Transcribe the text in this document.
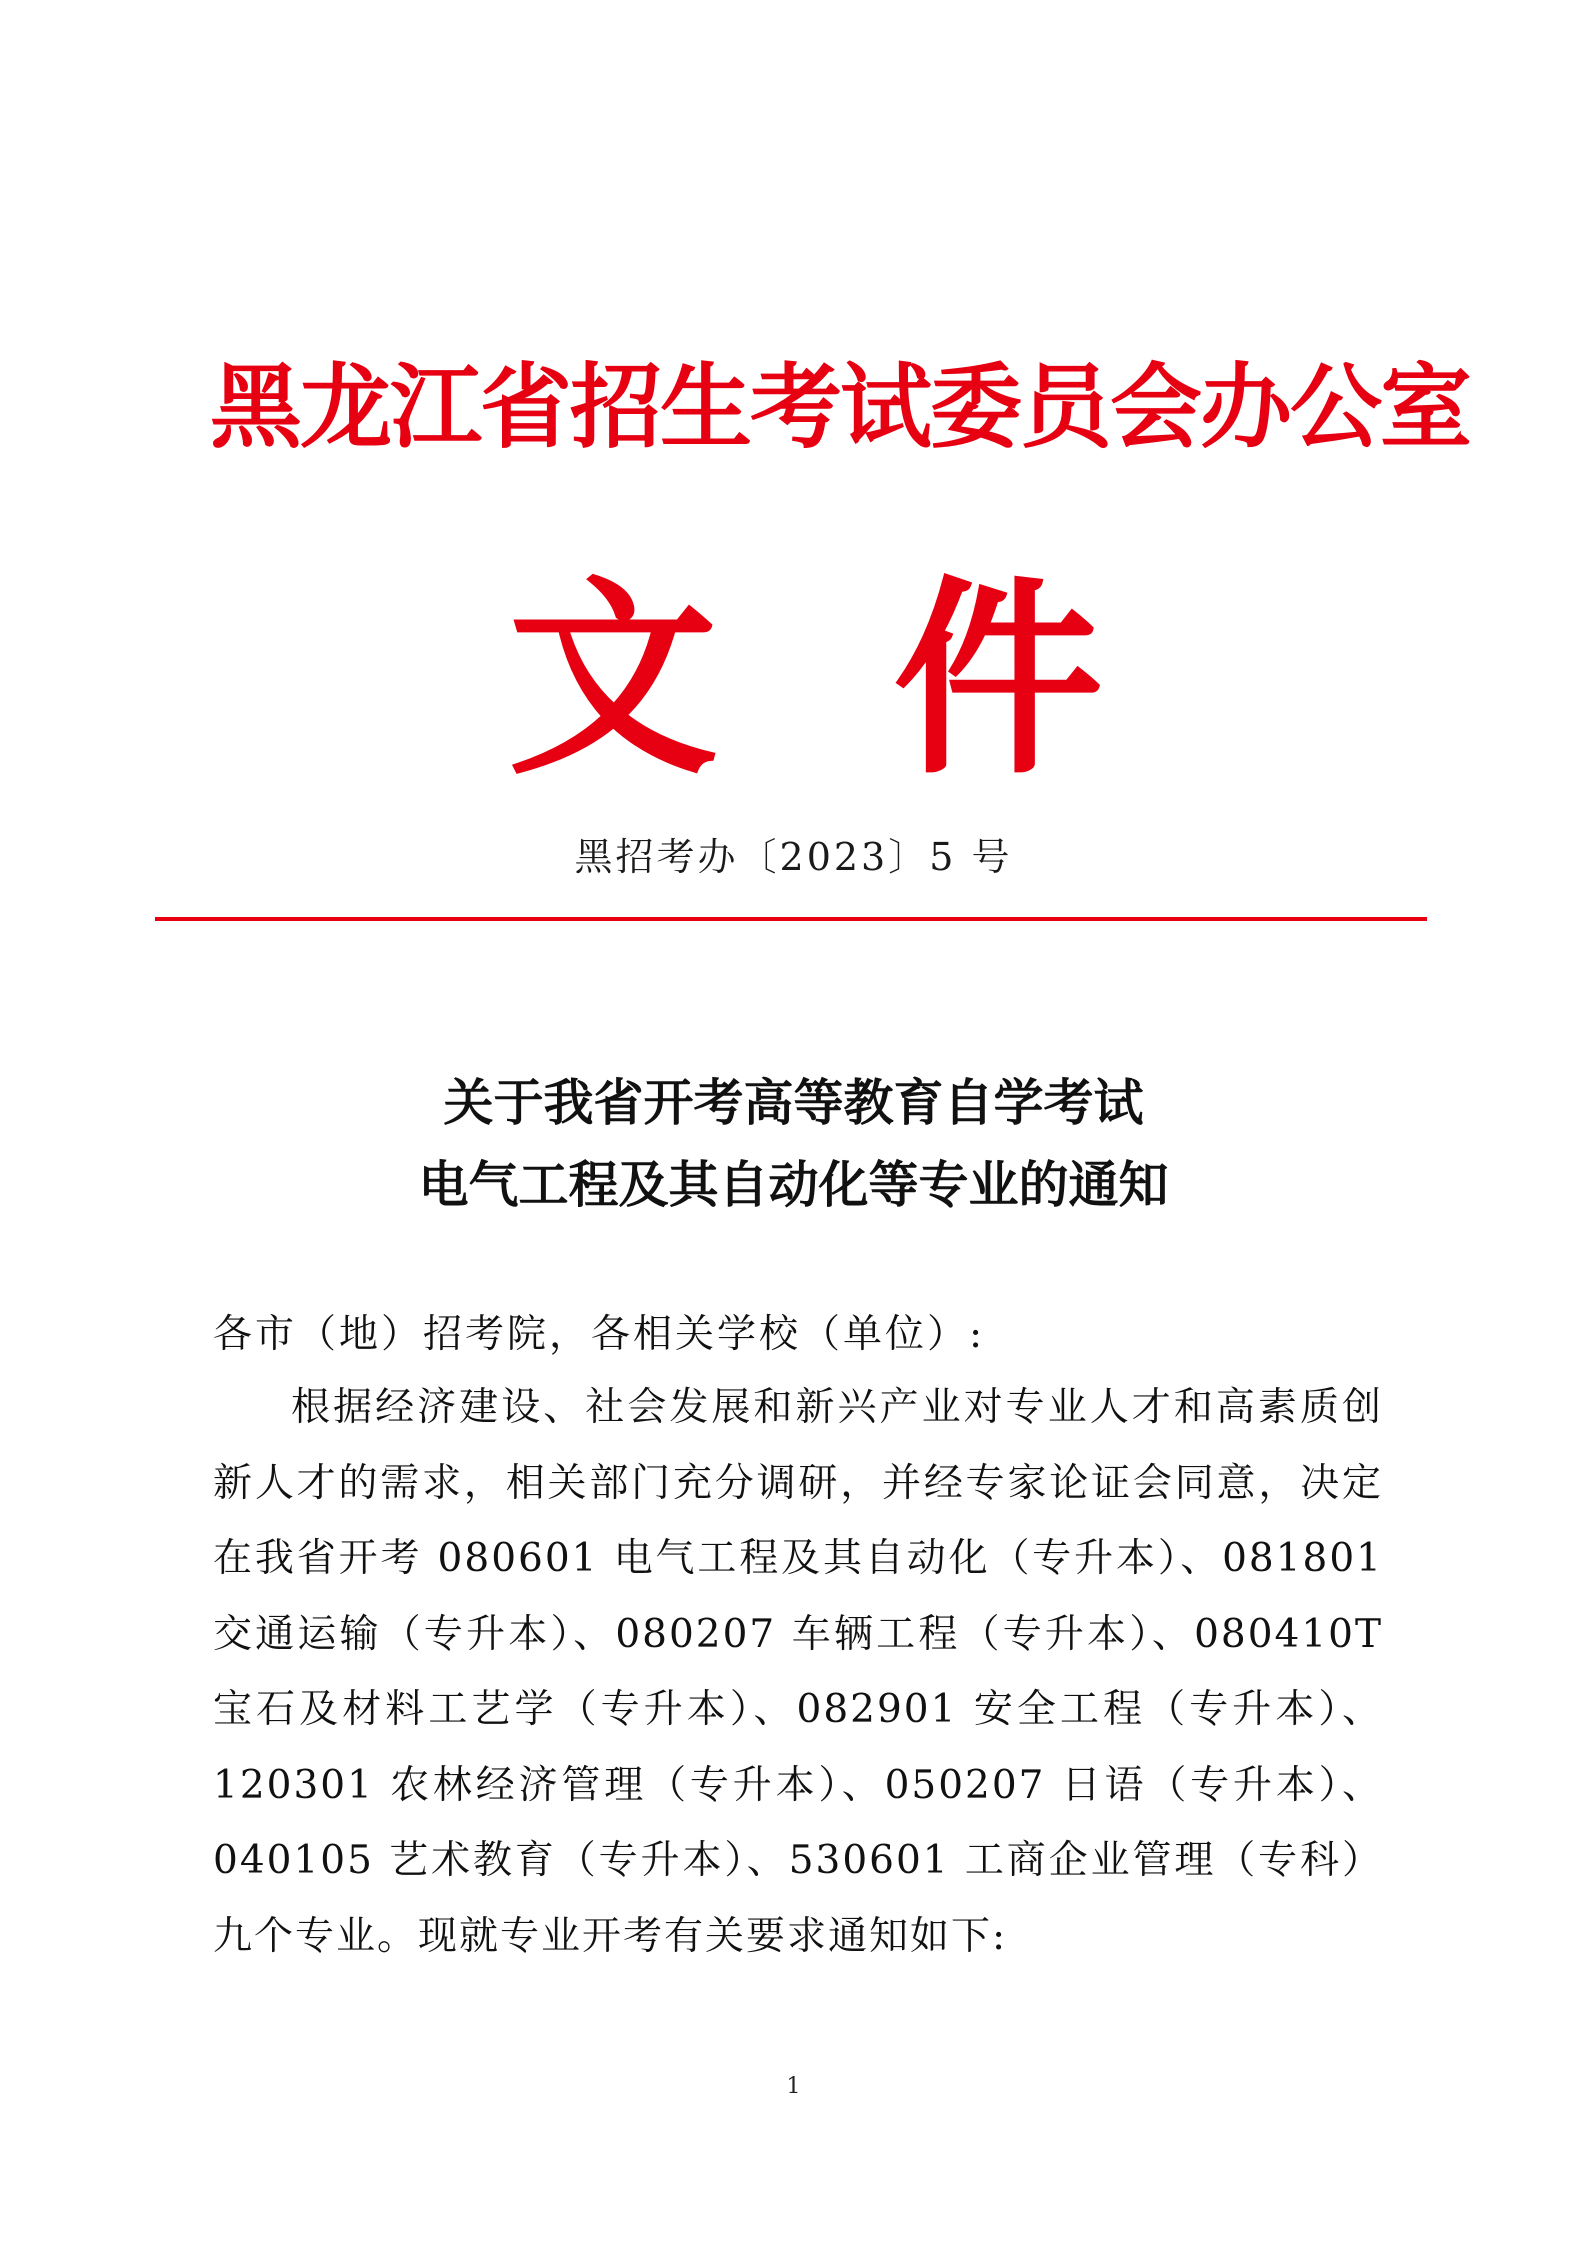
黑龙江省招生考试委员会办公室
文 件
黑招考办〔2023〕5 号
关于我省开考高等教育自学考试
电气工程及其自动化等专业的通知
各市（地）招考院，各相关学校（单位）:

根据经济建设、社会发展和新兴产业对专业人才和高素质创新人才的需求，相关部门充分调研，并经专家论证会同意，决定在我省开考 080601 电气工程及其自动化（专升本）、081801 交通运输（专升本）、080207 车辆工程（专升本）、080410T 宝石及材料工艺学（专升本）、082901 安全工程（专升本）、120301 农林经济管理（专升本）、050207 日语（专升本）、040105 艺术教育（专升本）、530601 工商企业管理（专科）九个专业。现就专业开考有关要求通知如下:

1
